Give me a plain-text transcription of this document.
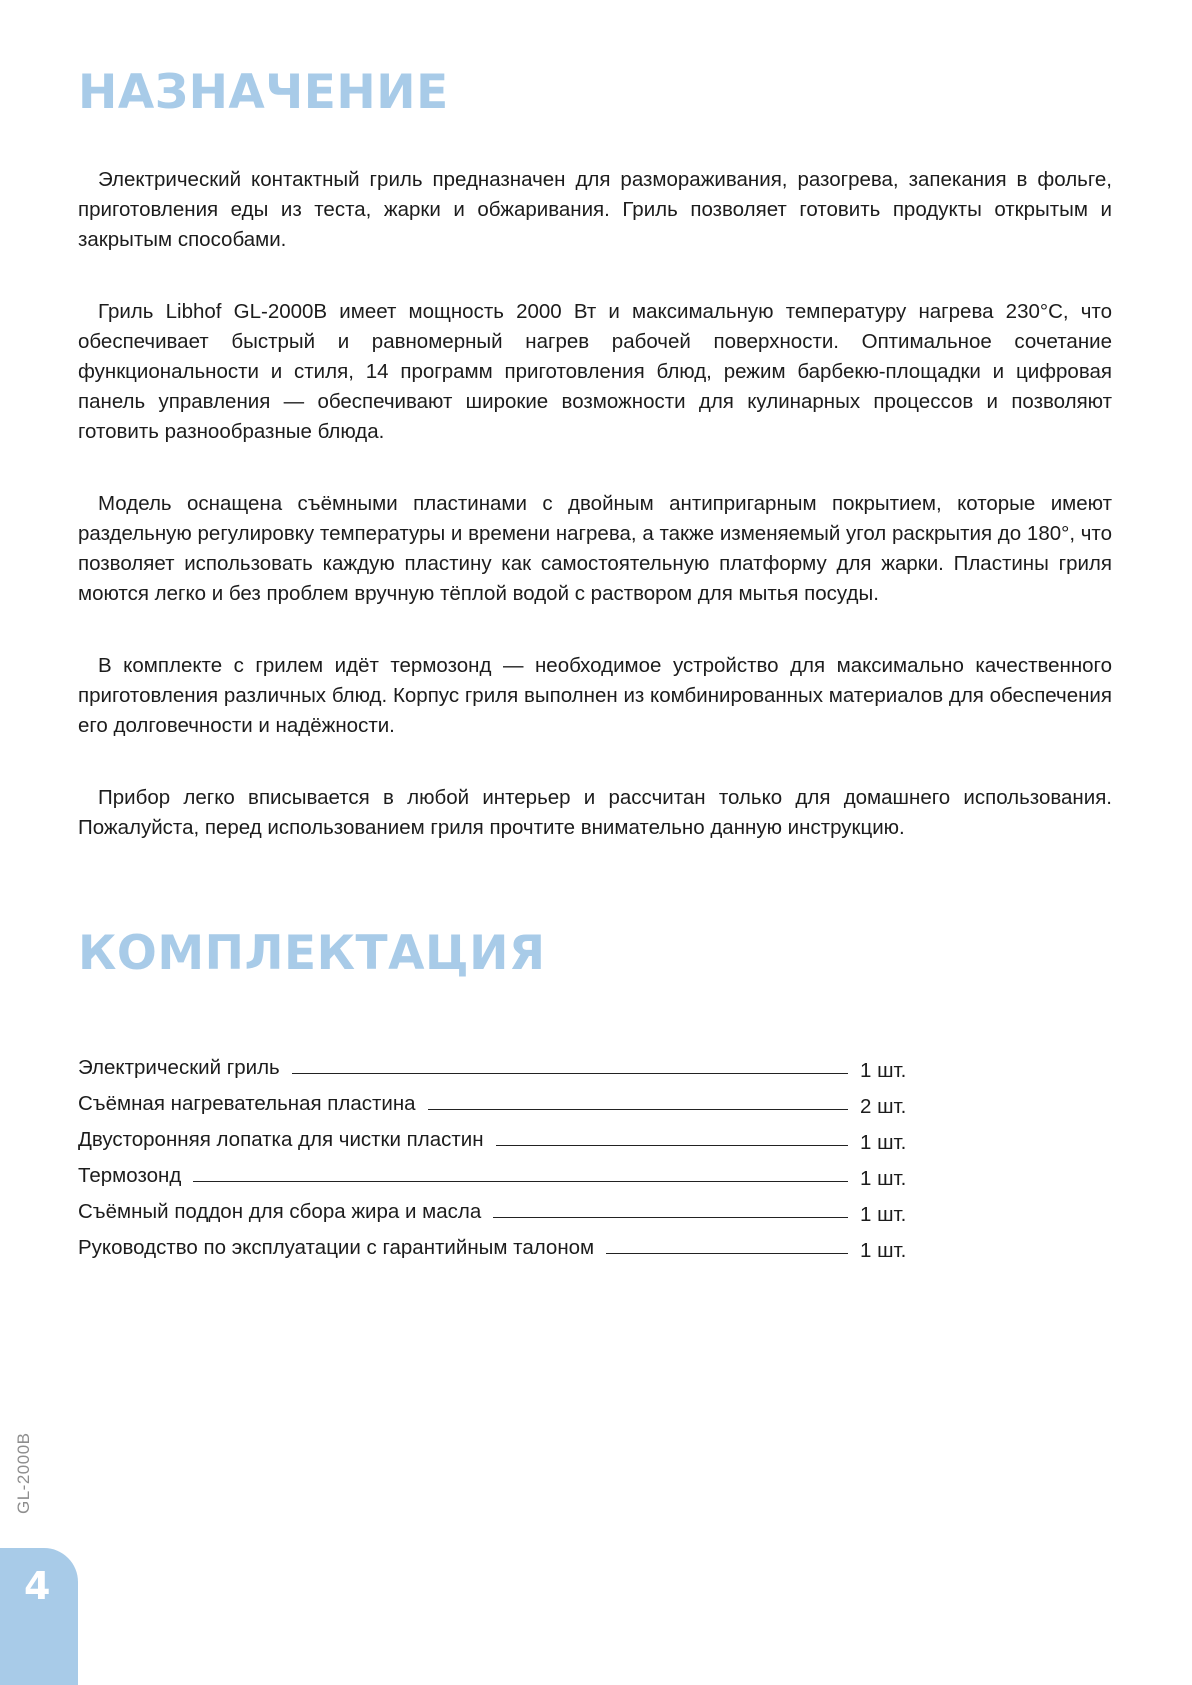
НАЗНАЧЕНИЕ

Электрический контактный гриль предназначен для размораживания, разогрева, запекания в фольге, приготовления еды из теста, жарки и обжаривания. Гриль позволяет готовить продукты открытым и закрытым способами.

Гриль Libhof GL-2000B имеет мощность 2000 Вт и максимальную температуру нагрева 230°С, что обеспечивает быстрый и равномерный нагрев рабочей поверхности. Оптимальное сочетание функциональности и стиля, 14 программ приготовления блюд, режим барбекю-площадки и цифровая панель управления — обеспечивают широкие возможности для кулинарных процессов и позволяют готовить разнообразные блюда.

Модель оснащена съёмными пластинами с двойным антипригарным покрытием, которые имеют раздельную регулировку температуры и времени нагрева, а также изменяемый угол раскрытия до 180°, что позволяет использовать каждую пластину как самостоятельную платформу для жарки. Пластины гриля моются легко и без проблем вручную тёплой водой с раствором для мытья посуды.

В комплекте с грилем идёт термозонд — необходимое устройство для максимально качественного приготовления различных блюд. Корпус гриля выполнен из комбинированных материалов для обеспечения его долговечности и надёжности.

Прибор легко вписывается в любой интерьер и рассчитан только для домашнего использования. Пожалуйста, перед использованием гриля прочтите внимательно данную инструкцию.

КОМПЛЕКТАЦИЯ
Электрический гриль	1 шт.
Съёмная нагревательная пластина	2 шт.
Двусторонняя лопатка для чистки пластин	1 шт.
Термозонд	1 шт.
Съёмный поддон для сбора жира и масла	1 шт.
Руководство по эксплуатации с гарантийным талоном	1 шт.
GL-2000B
4
